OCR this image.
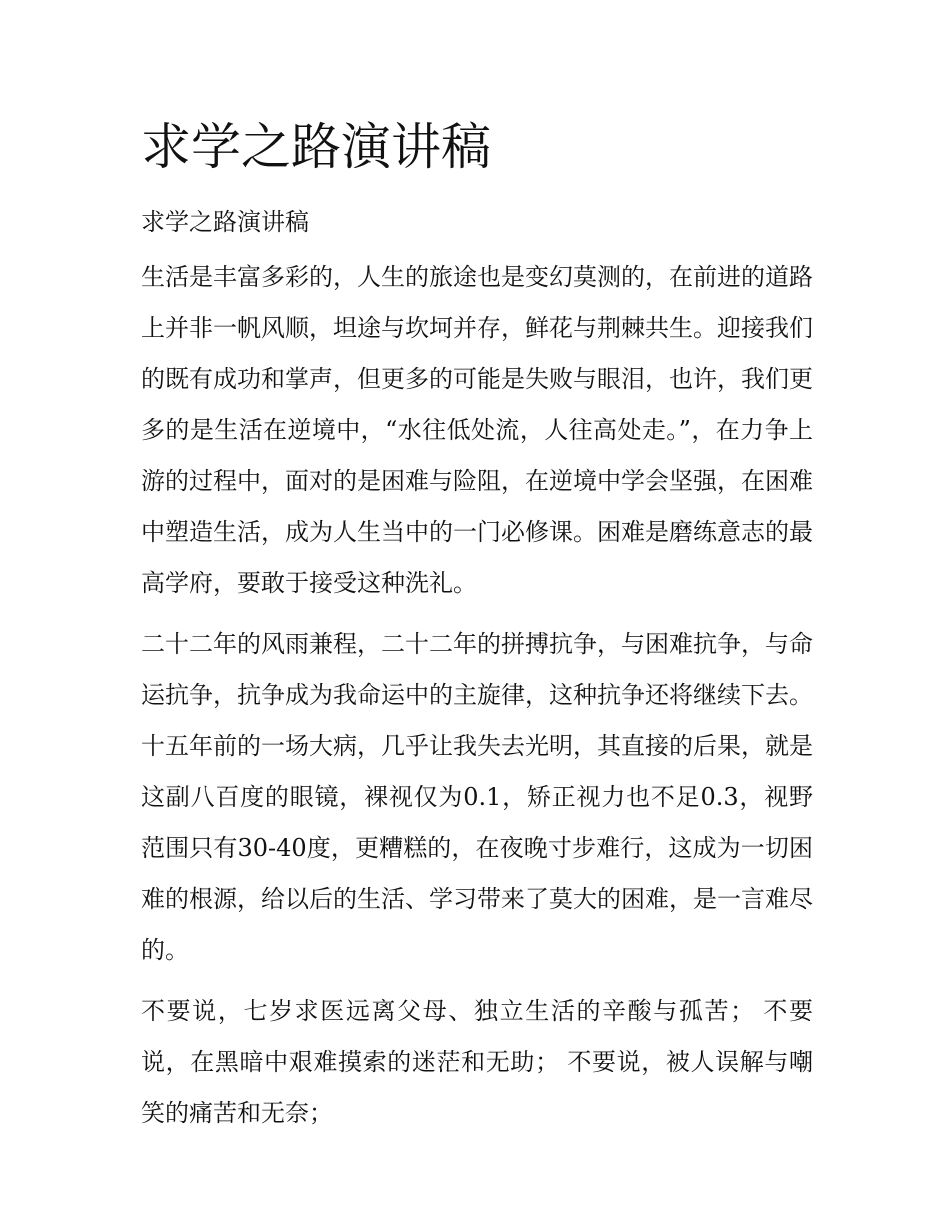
求学之路演讲稿
求学之路演讲稿

生活是丰富多彩的，人生的旅途也是变幻莫测的，在前进的道路上并非一帆风顺，坦途与坎坷并存，鲜花与荆棘共生。迎接我们的既有成功和掌声，但更多的可能是失败与眼泪，也许，我们更多的是生活在逆境中，“水往低处流，人往高处走。”，在力争上游的过程中，面对的是困难与险阻，在逆境中学会坚强，在困难中塑造生活，成为人生当中的一门必修课。困难是磨练意志的最高学府，要敢于接受这种洗礼。

二十二年的风雨兼程，二十二年的拼搏抗争，与困难抗争，与命运抗争，抗争成为我命运中的主旋律，这种抗争还将继续下去。十五年前的一场大病，几乎让我失去光明，其直接的后果，就是这副八百度的眼镜，裸视仅为0.1，矫正视力也不足0.3，视野范围只有30-40度，更糟糕的，在夜晚寸步难行，这成为一切困难的根源，给以后的生活、学习带来了莫大的困难，是一言难尽的。

不要说，七岁求医远离父母、独立生活的辛酸与孤苦； 不要说，在黑暗中艰难摸索的迷茫和无助； 不要说，被人误解与嘲笑的痛苦和无奈；
